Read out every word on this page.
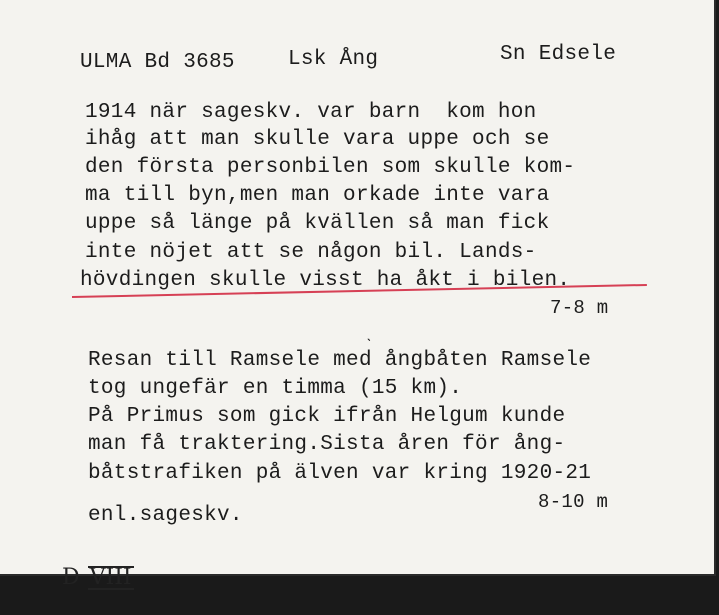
ULMA Bd 3685	Lsk Ång	Sn Edsele
1914 när sageskv. var barn  kom hon
ihåg att man skulle vara uppe och se
den första personbilen som skulle kom-
ma till byn,men man orkade inte vara
uppe så länge på kvällen så man fick
inte nöjet att se någon bil. Lands-
hövdingen skulle visst ha åkt i bilen.
7-8 m
ˎ
Resan till Ramsele med ångbåten Ramsele
tog ungefär en timma (15 km).
På Primus som gick ifrån Helgum kunde
man få traktering.Sista åren för ång-
båtstrafiken på älven var kring 1920-21
8-10 m
enl.sageskv.

D VIII
